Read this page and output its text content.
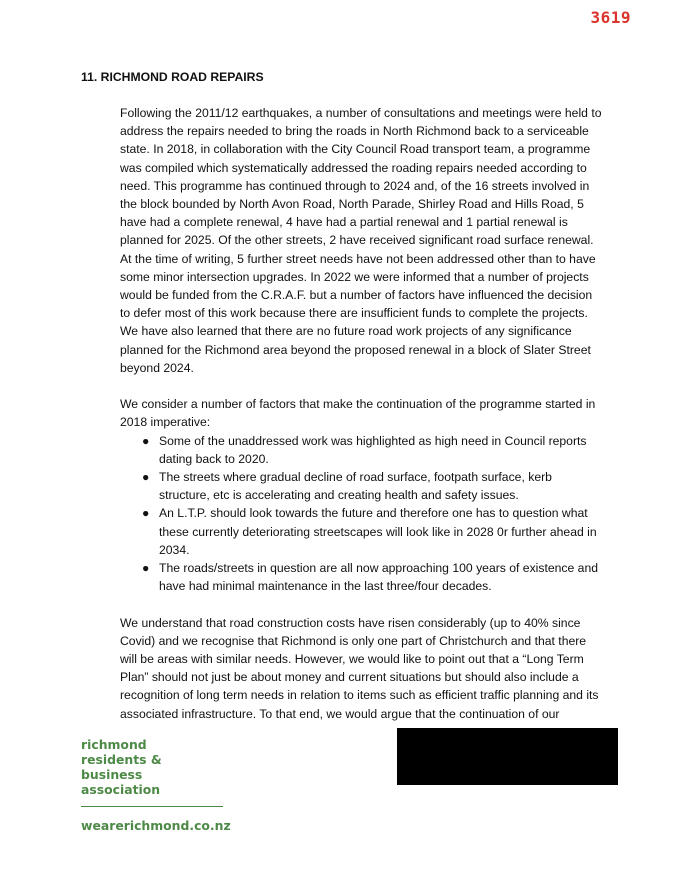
3619
11. RICHMOND ROAD REPAIRS

Following the 2011/12 earthquakes, a number of consultations and meetings were held to address the repairs needed to bring the roads in North Richmond back to a serviceable state. In 2018, in collaboration with the City Council Road transport team, a programme was compiled which systematically addressed the roading repairs needed according to need. This programme has continued through to 2024 and, of the 16 streets involved in the block bounded by North Avon Road, North Parade, Shirley Road and Hills Road, 5 have had a complete renewal, 4 have had a partial renewal and 1 partial renewal is planned for 2025. Of the other streets, 2 have received significant road surface renewal. At the time of writing, 5 further street needs have not been addressed other than to have some minor intersection upgrades. In 2022 we were informed that a number of projects would be funded from the C.R.A.F. but a number of factors have influenced the decision to defer most of this work because there are insufficient funds to complete the projects. We have also learned that there are no future road work projects of any significance planned for the Richmond area beyond the proposed renewal in a block of Slater Street beyond 2024.

We consider a number of factors that make the continuation of the programme started in 2018 imperative:

● Some of the unaddressed work was highlighted as high need in Council reports dating back to 2020.
● The streets where gradual decline of road surface, footpath surface, kerb structure, etc is accelerating and creating health and safety issues.
● An L.T.P. should look towards the future and therefore one has to question what these currently deteriorating streetscapes will look like in 2028 0r further ahead in 2034.
● The roads/streets in question are all now approaching 100 years of existence and have had minimal maintenance in the last three/four decades.

We understand that road construction costs have risen considerably (up to 40% since Covid) and we recognise that Richmond is only one part of Christchurch and that there will be areas with similar needs. However, we would like to point out that a “Long Term Plan” should not just be about money and current situations but should also include a recognition of long term needs in relation to items such as efficient traffic planning and its associated infrastructure. To that end, we would argue that the continuation of our

richmond
residents &
business
association
wearerichmond.co.nz
